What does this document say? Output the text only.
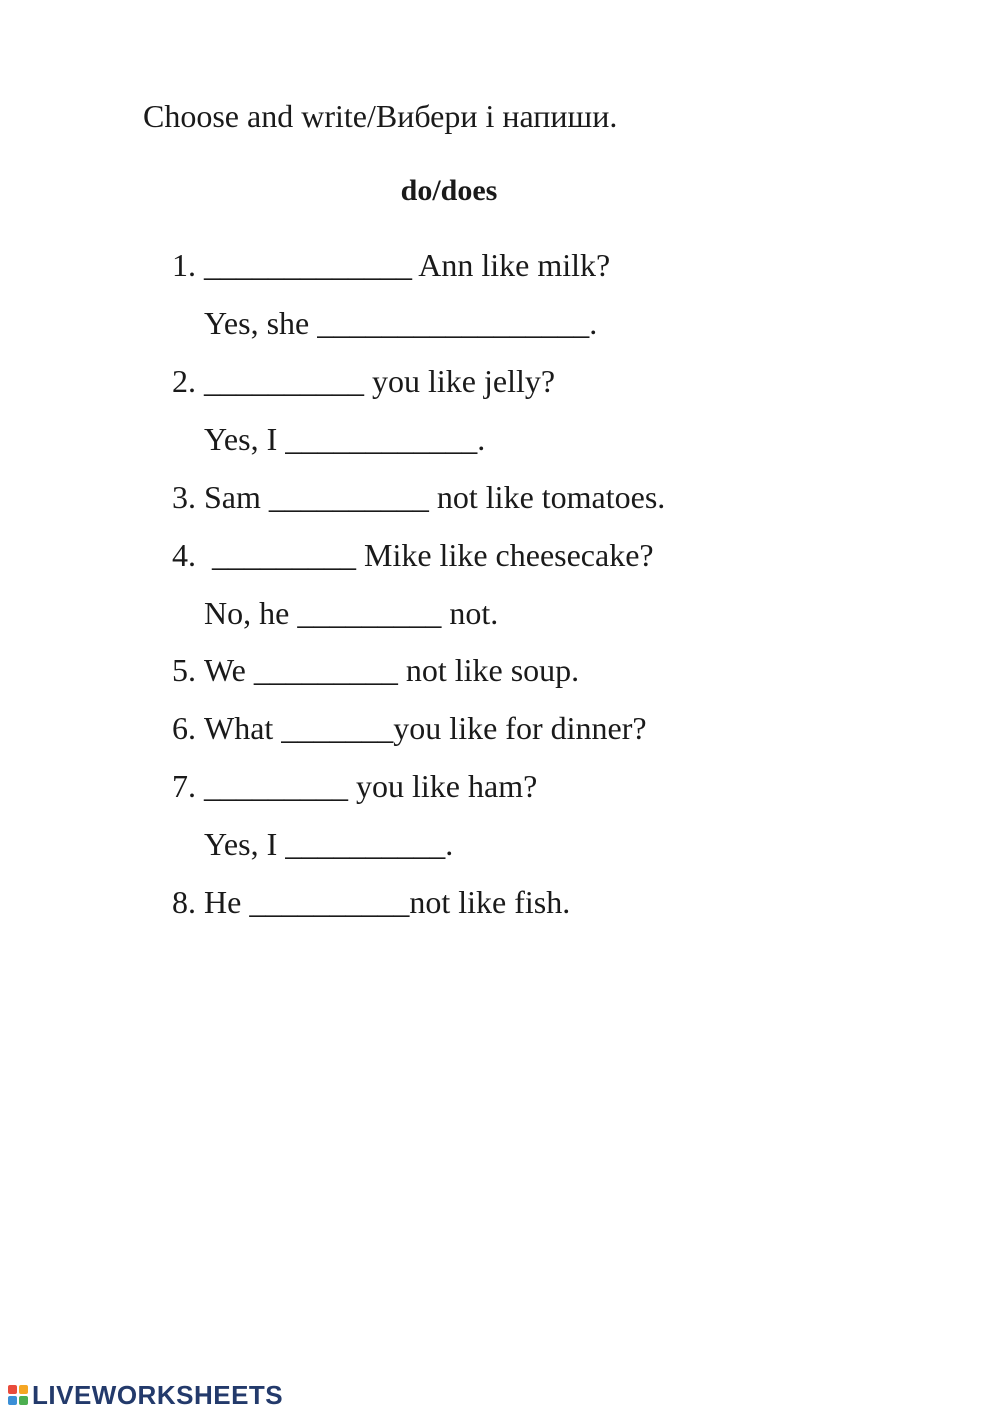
Choose and write/Вибери і напиши.
do/does
1. _____________ Ann like milk?
Yes, she _________________.
2. __________ you like jelly?
Yes, I ____________.
3. Sam __________ not like tomatoes.
4. _________ Mike like cheesecake?
No, he _________ not.
5. We _________ not like soup.
6. What _______you like for dinner?
7. _________ you like ham?
Yes, I __________.
8. He __________not like fish.
LIVEWORKSHEETS
